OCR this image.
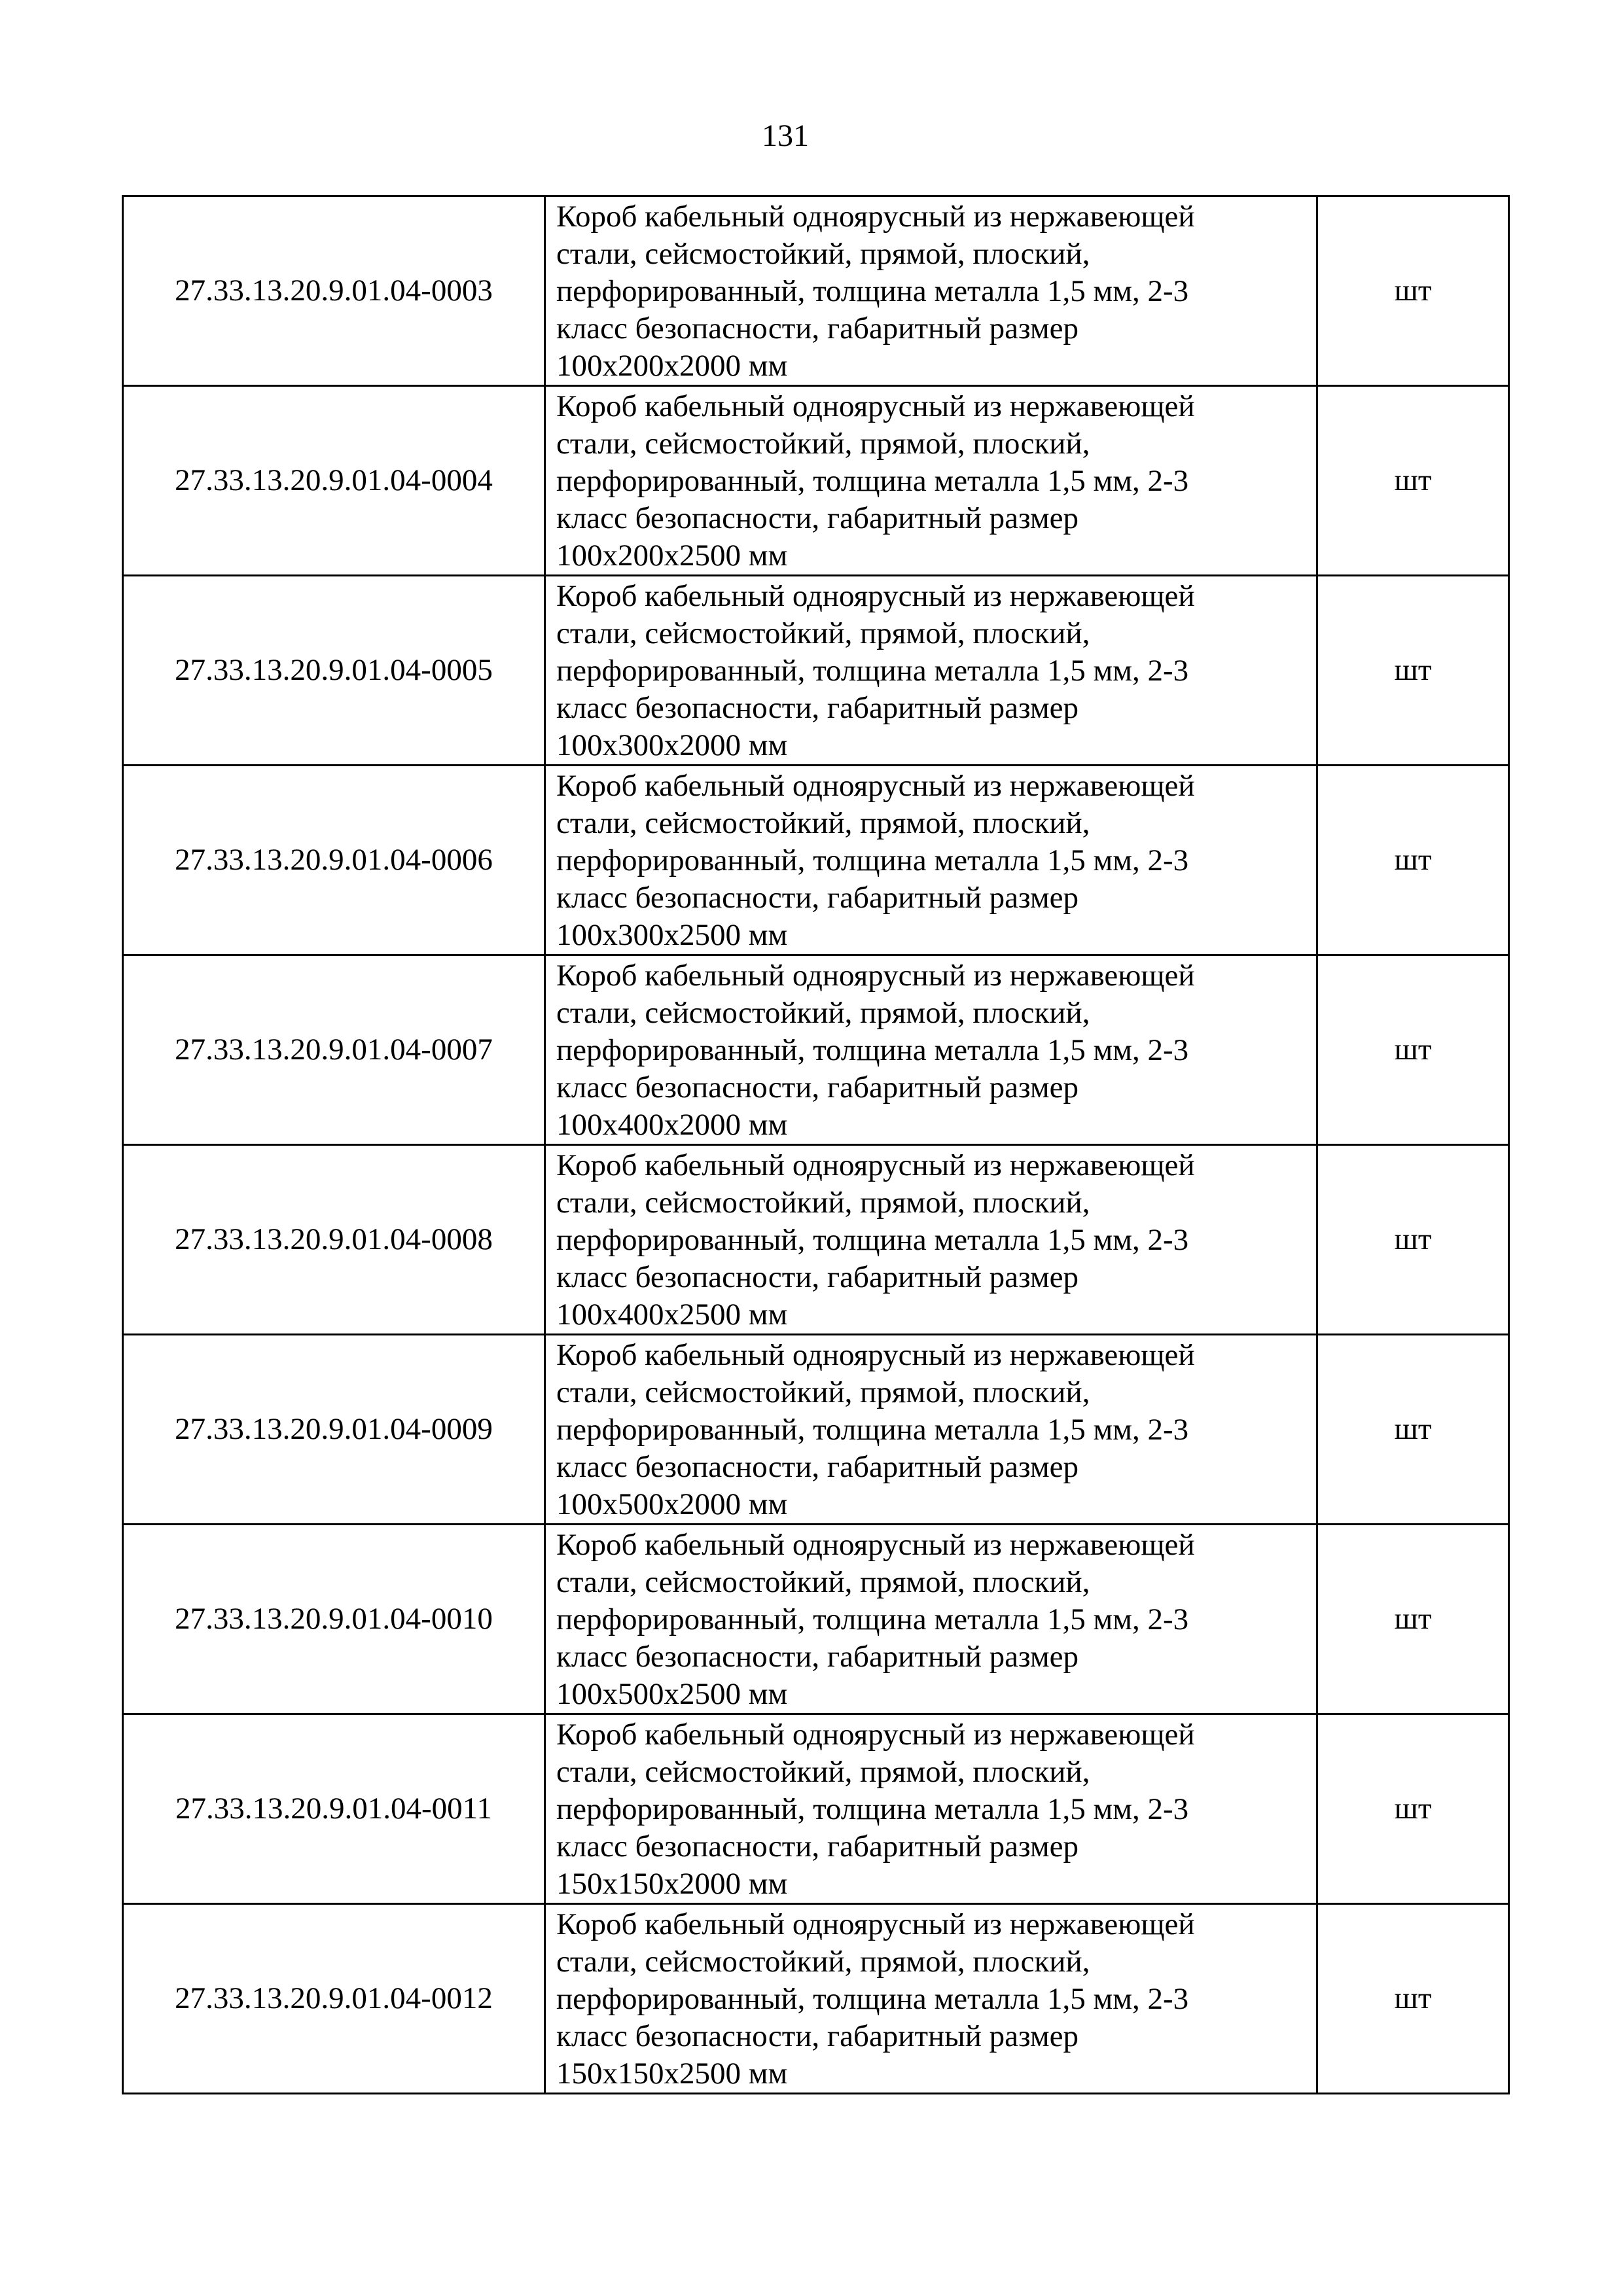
131
27.33.13.20.9.01.04-0003	Короб кабельный одноярусный из нержавеющей
стали, сейсмостойкий, прямой, плоский,
перфорированный, толщина металла 1,5 мм, 2-3
класс безопасности, габаритный размер
100х200х2000 мм	шт
27.33.13.20.9.01.04-0004	Короб кабельный одноярусный из нержавеющей
стали, сейсмостойкий, прямой, плоский,
перфорированный, толщина металла 1,5 мм, 2-3
класс безопасности, габаритный размер
100х200х2500 мм	шт
27.33.13.20.9.01.04-0005	Короб кабельный одноярусный из нержавеющей
стали, сейсмостойкий, прямой, плоский,
перфорированный, толщина металла 1,5 мм, 2-3
класс безопасности, габаритный размер
100х300х2000 мм	шт
27.33.13.20.9.01.04-0006	Короб кабельный одноярусный из нержавеющей
стали, сейсмостойкий, прямой, плоский,
перфорированный, толщина металла 1,5 мм, 2-3
класс безопасности, габаритный размер
100х300х2500 мм	шт
27.33.13.20.9.01.04-0007	Короб кабельный одноярусный из нержавеющей
стали, сейсмостойкий, прямой, плоский,
перфорированный, толщина металла 1,5 мм, 2-3
класс безопасности, габаритный размер
100х400х2000 мм	шт
27.33.13.20.9.01.04-0008	Короб кабельный одноярусный из нержавеющей
стали, сейсмостойкий, прямой, плоский,
перфорированный, толщина металла 1,5 мм, 2-3
класс безопасности, габаритный размер
100х400х2500 мм	шт
27.33.13.20.9.01.04-0009	Короб кабельный одноярусный из нержавеющей
стали, сейсмостойкий, прямой, плоский,
перфорированный, толщина металла 1,5 мм, 2-3
класс безопасности, габаритный размер
100х500х2000 мм	шт
27.33.13.20.9.01.04-0010	Короб кабельный одноярусный из нержавеющей
стали, сейсмостойкий, прямой, плоский,
перфорированный, толщина металла 1,5 мм, 2-3
класс безопасности, габаритный размер
100х500х2500 мм	шт
27.33.13.20.9.01.04-0011	Короб кабельный одноярусный из нержавеющей
стали, сейсмостойкий, прямой, плоский,
перфорированный, толщина металла 1,5 мм, 2-3
класс безопасности, габаритный размер
150х150х2000 мм	шт
27.33.13.20.9.01.04-0012	Короб кабельный одноярусный из нержавеющей
стали, сейсмостойкий, прямой, плоский,
перфорированный, толщина металла 1,5 мм, 2-3
класс безопасности, габаритный размер
150х150х2500 мм	шт
